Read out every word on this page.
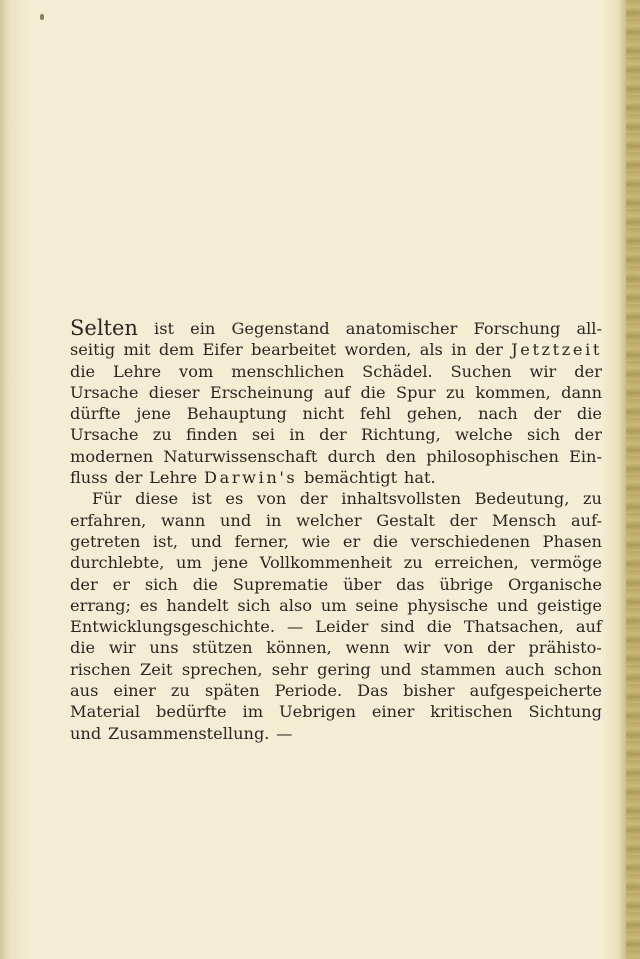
Selten ist ein Gegenstand anatomischer Forschung all-
seitig mit dem Eifer bearbeitet worden, als in der Jetztzeit
die Lehre vom menschlichen Schädel. Suchen wir der
Ursache dieser Erscheinung auf die Spur zu kommen, dann
dürfte jene Behauptung nicht fehl gehen, nach der die
Ursache zu finden sei in der Richtung, welche sich der
modernen Naturwissenschaft durch den philosophischen Ein-
fluss der Lehre Darwin's bemächtigt hat.
Für diese ist es von der inhaltsvollsten Bedeutung, zu
erfahren, wann und in welcher Gestalt der Mensch auf-
getreten ist, und ferner, wie er die verschiedenen Phasen
durchlebte, um jene Vollkommenheit zu erreichen, vermöge
der er sich die Suprematie über das übrige Organische
errang; es handelt sich also um seine physische und geistige
Entwicklungsgeschichte. — Leider sind die Thatsachen, auf
die wir uns stützen können, wenn wir von der prähisto-
rischen Zeit sprechen, sehr gering und stammen auch schon
aus einer zu späten Periode. Das bisher aufgespeicherte
Material bedürfte im Uebrigen einer kritischen Sichtung
und Zusammenstellung. —
